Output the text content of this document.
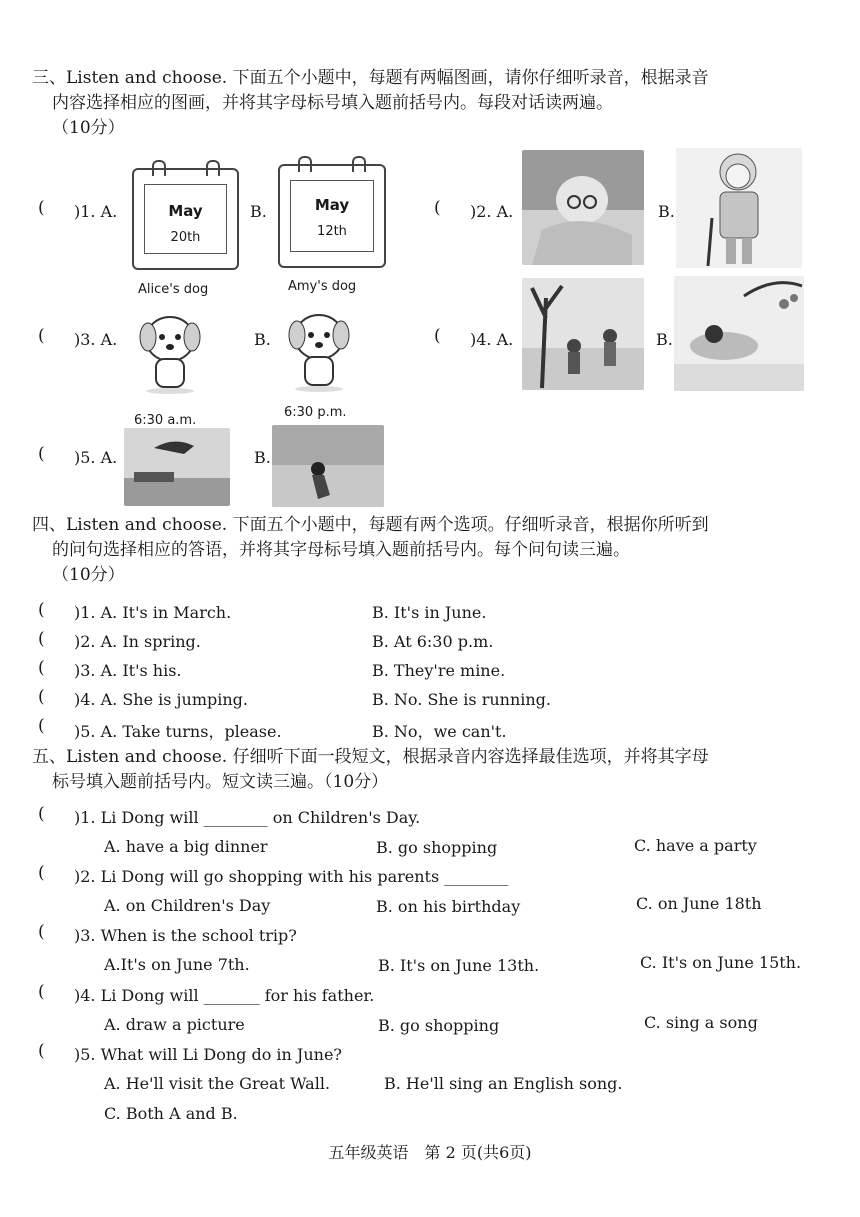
三、Listen and choose. 下面五个小题中，每题有两幅图画，请你仔细听录音，根据录音
内容选择相应的图画，并将其字母标号填入题前括号内。每段对话读两遍。
（10分）
( )1. A.	May
20th
B.	May
12th
( )2. A.	B.
Alice's dog	Amy's dog
( )3. A.	B.	( )4. A.	B.
6:30 a.m.
6:30 p.m.
( )5. A.	B.
四、Listen and choose. 下面五个小题中，每题有两个选项。仔细听录音，根据你所听到
的问句选择相应的答语，并将其字母标号填入题前括号内。每个问句读三遍。
（10分）
( )1. A. It's in March.	B. It's in June.
( )2. A. In spring.	B. At 6:30 p.m.
( )3. A. It's his.	B. They're mine.
( )4. A. She is jumping.	B. No. She is running.
( )5. A. Take turns，please.	B. No，we can't.
五、Listen and choose. 仔细听下面一段短文，根据录音内容选择最佳选项，并将其字母
标号填入题前括号内。短文读三遍。（10分）
( )1. Li Dong will ________ on Children's Day.
A. have a big dinner	B. go shopping	C. have a party
( )2. Li Dong will go shopping with his parents ________
A. on Children's Day	B. on his birthday	C. on June 18th
( )3. When is the school trip?
A.It's on June 7th.	B. It's on June 13th.	C. It's on June 15th.
( )4. Li Dong will _______ for his father.
A. draw a picture	B. go shopping	C. sing a song
( )5. What will Li Dong do in June?
A. He'll visit the Great Wall.	B. He'll sing an English song.
C. Both A and B.
五年级英语　第 2 页(共6页)
